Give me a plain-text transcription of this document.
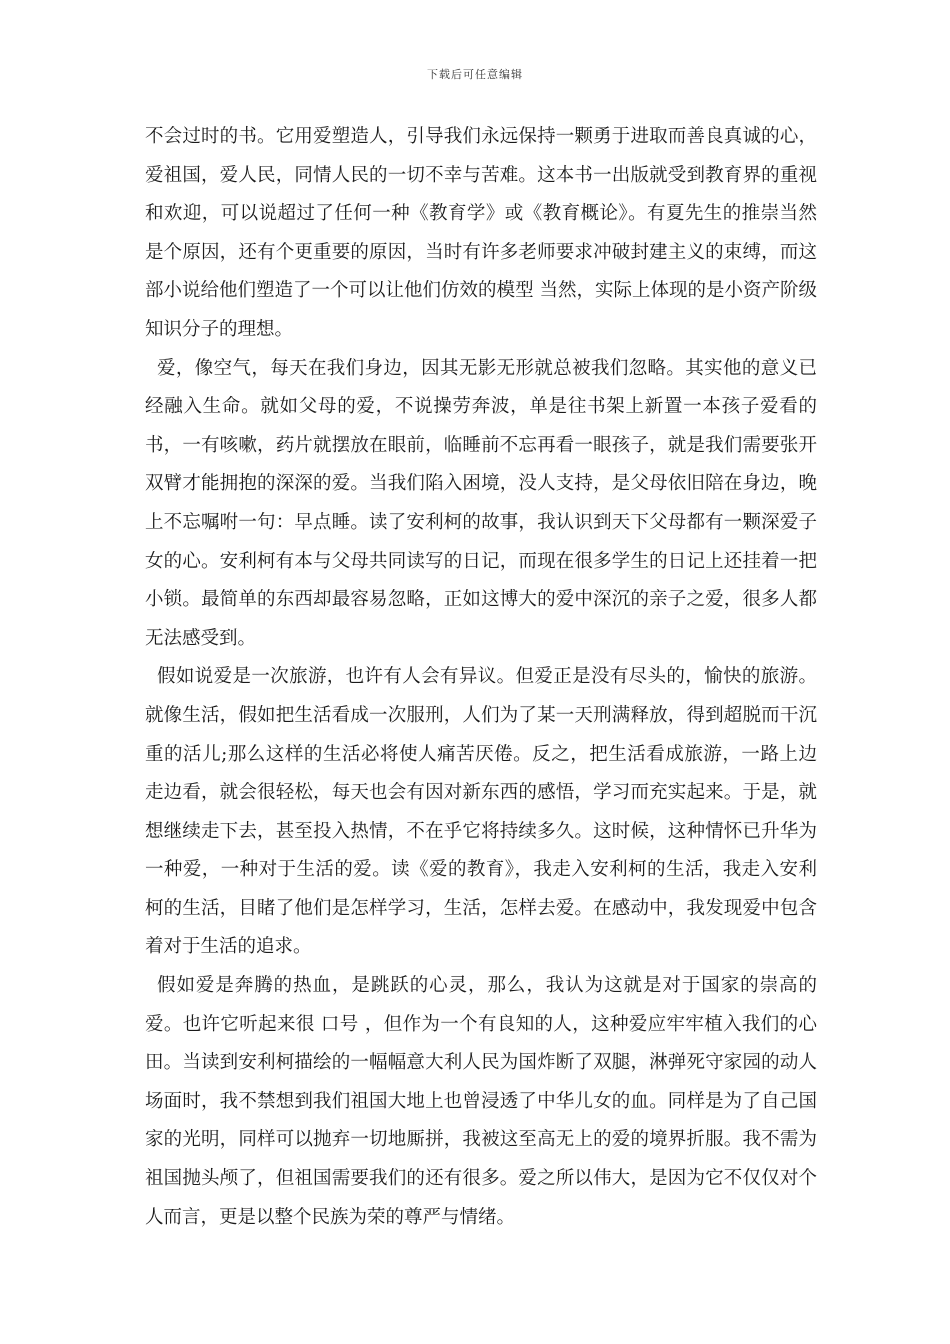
下载后可任意编辑

不会过时的书。它用爱塑造人，引导我们永远保持一颗勇于进取而善良真诚的心，爱祖国，爱人民，同情人民的一切不幸与苦难。这本书一出版就受到教育界的重视和欢迎，可以说超过了任何一种《教育学》或《教育概论》。有夏先生的推崇当然是个原因，还有个更重要的原因，当时有许多老师要求冲破封建主义的束缚，而这部小说给他们塑造了一个可以让他们仿效的模型 当然，实际上体现的是小资产阶级知识分子的理想。

爱，像空气，每天在我们身边，因其无影无形就总被我们忽略。其实他的意义已经融入生命。就如父母的爱，不说操劳奔波，单是往书架上新置一本孩子爱看的书，一有咳嗽，药片就摆放在眼前，临睡前不忘再看一眼孩子，就是我们需要张开双臂才能拥抱的深深的爱。当我们陷入困境，没人支持，是父母依旧陪在身边，晚上不忘嘱咐一句：早点睡。读了安利柯的故事，我认识到天下父母都有一颗深爱子女的心。安利柯有本与父母共同读写的日记，而现在很多学生的日记上还挂着一把小锁。最简单的东西却最容易忽略，正如这博大的爱中深沉的亲子之爱，很多人都无法感受到。

假如说爱是一次旅游，也许有人会有异议。但爱正是没有尽头的，愉快的旅游。就像生活，假如把生活看成一次服刑，人们为了某一天刑满释放，得到超脱而干沉重的活儿;那么这样的生活必将使人痛苦厌倦。反之，把生活看成旅游，一路上边走边看，就会很轻松，每天也会有因对新东西的感悟，学习而充实起来。于是，就想继续走下去，甚至投入热情，不在乎它将持续多久。这时候，这种情怀已升华为一种爱，一种对于生活的爱。读《爱的教育》，我走入安利柯的生活，我走入安利柯的生活，目睹了他们是怎样学习，生活，怎样去爱。在感动中，我发现爱中包含着对于生活的追求。

假如爱是奔腾的热血，是跳跃的心灵，那么，我认为这就是对于国家的崇高的爱。也许它听起来很 口号 ，但作为一个有良知的人，这种爱应牢牢植入我们的心田。当读到安利柯描绘的一幅幅意大利人民为国炸断了双腿，淋弹死守家园的动人场面时，我不禁想到我们祖国大地上也曾浸透了中华儿女的血。同样是为了自己国家的光明，同样可以抛弃一切地厮拼，我被这至高无上的爱的境界折服。我不需为祖国抛头颅了，但祖国需要我们的还有很多。爱之所以伟大，是因为它不仅仅对个人而言，更是以整个民族为荣的尊严与情绪。
